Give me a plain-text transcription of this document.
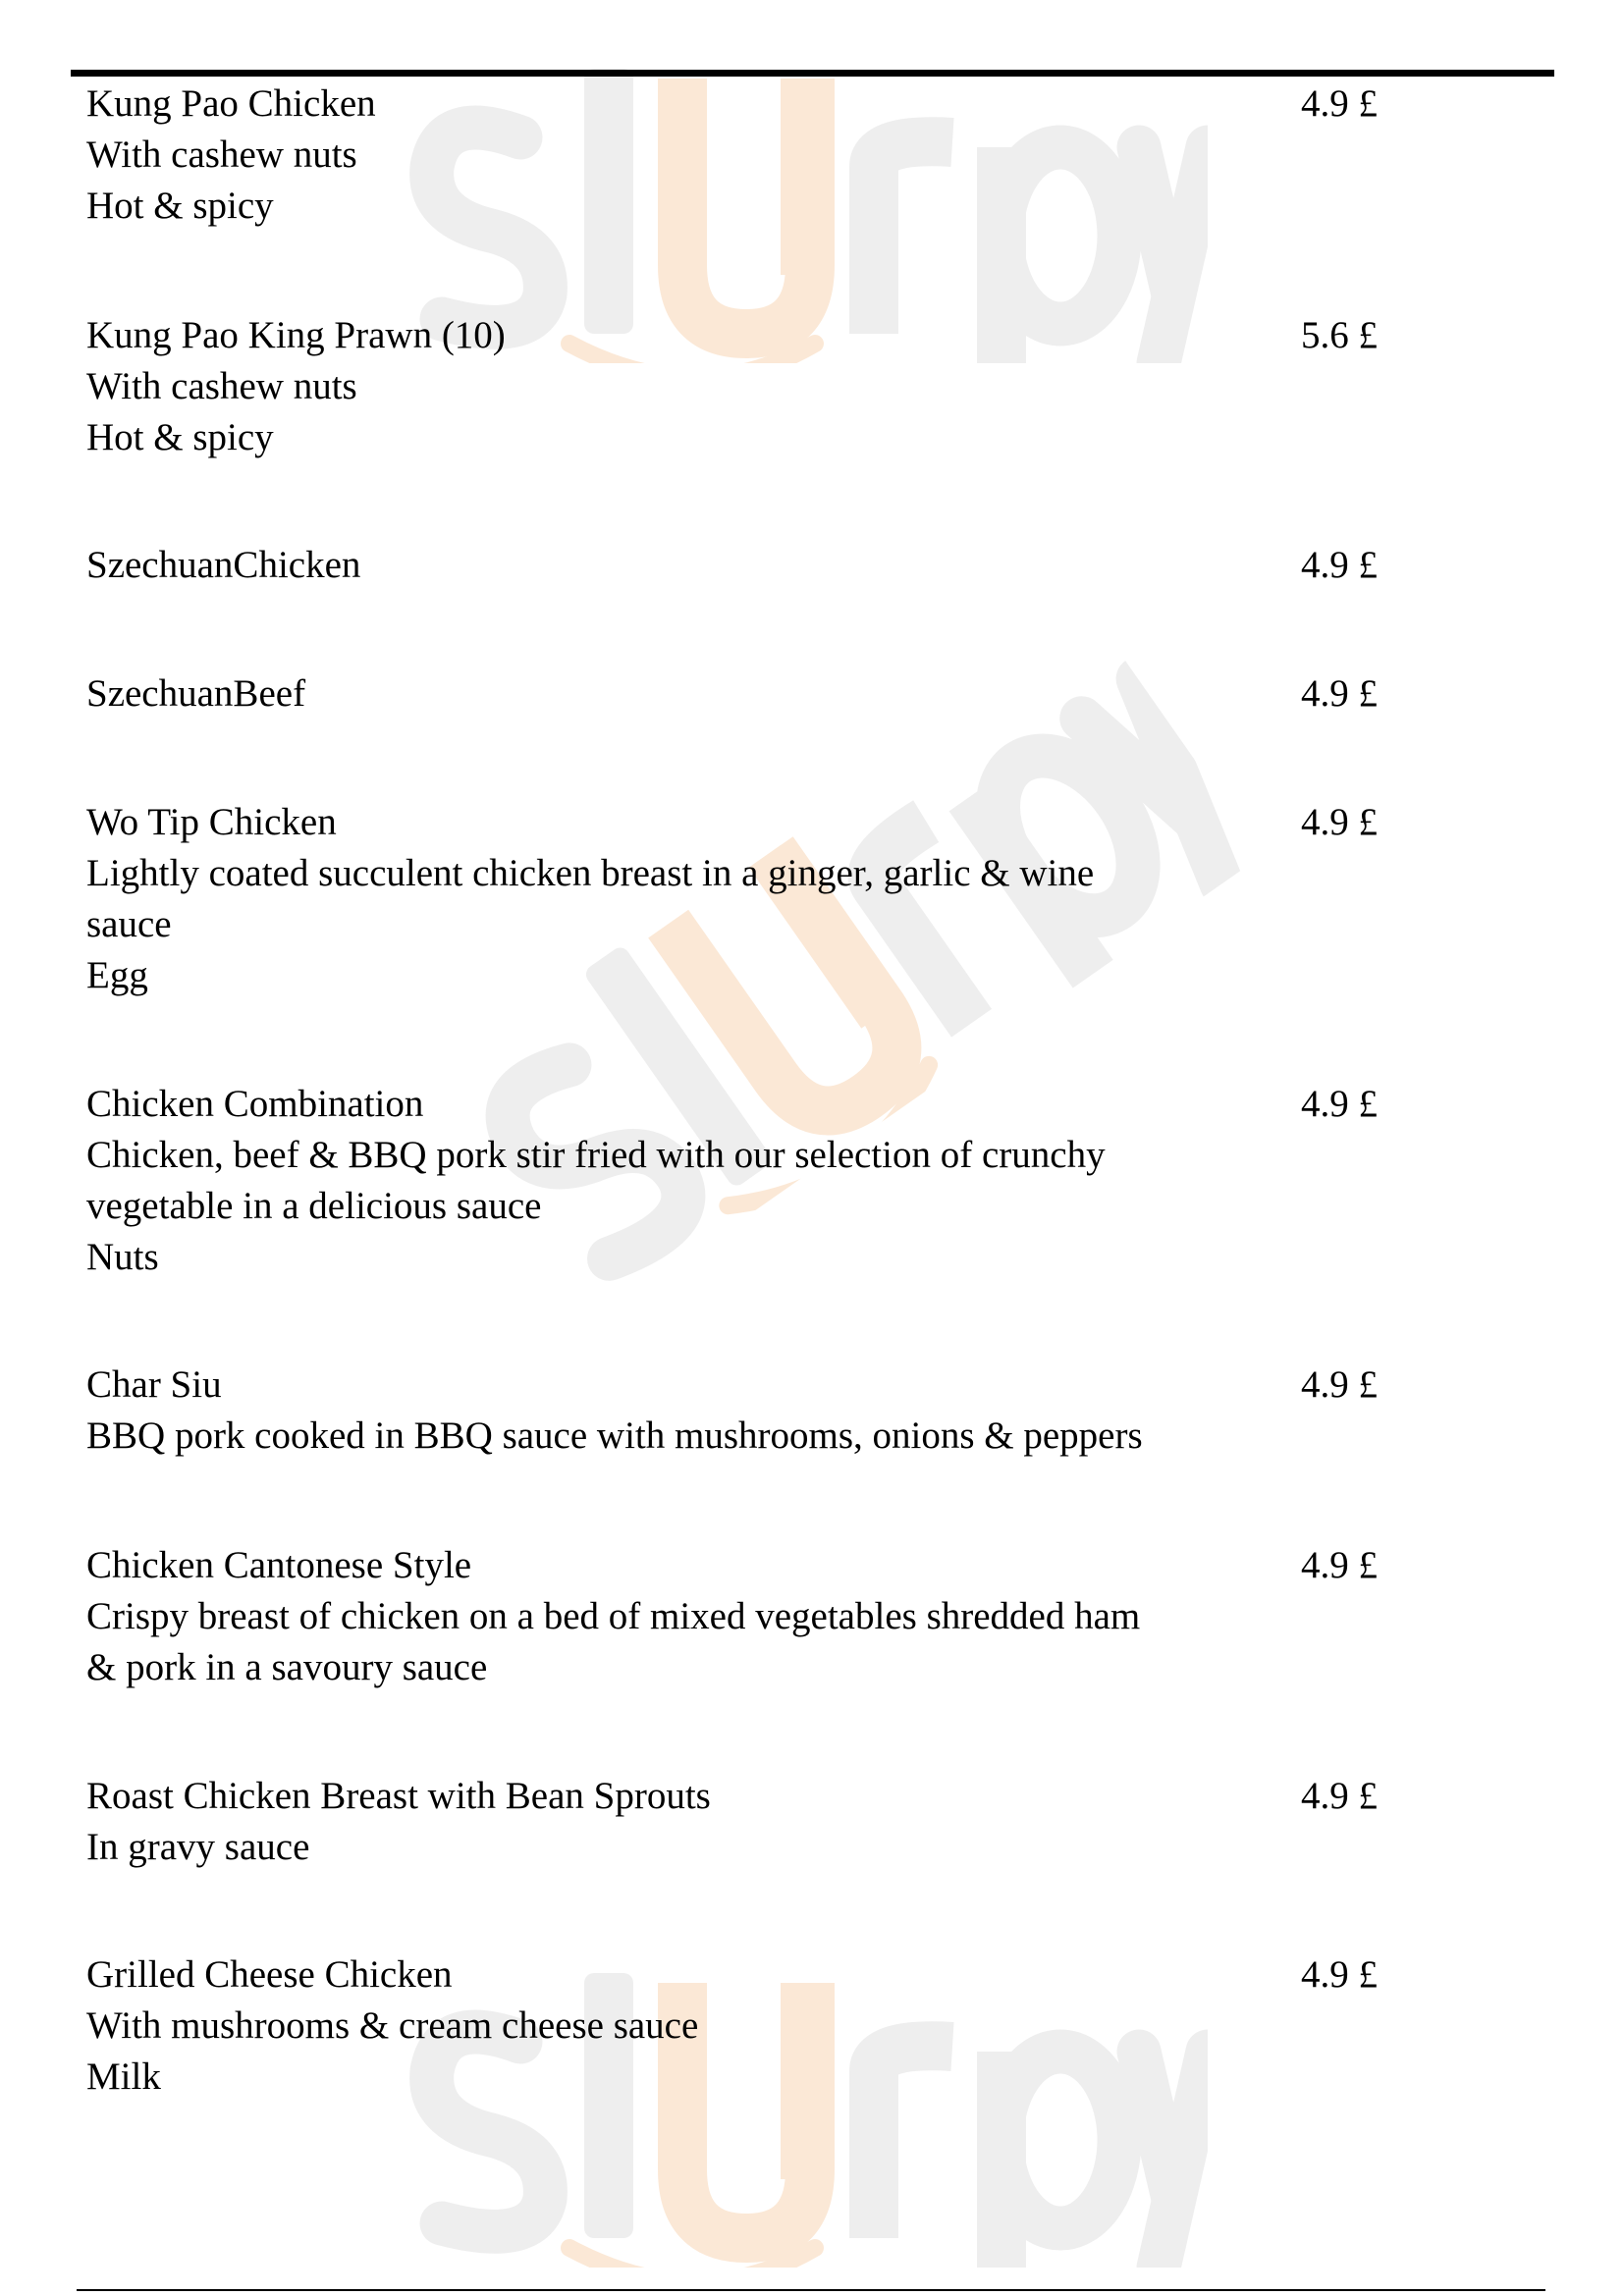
Kung Pao Chicken
With cashew nuts
Hot & spicy
4.9 £
Kung Pao King Prawn (10)
With cashew nuts
Hot & spicy
5.6 £
SzechuanChicken	4.9 £
SzechuanBeef	4.9 £
Wo Tip Chicken
Lightly coated succulent chicken breast in a ginger, garlic & wine
sauce
Egg
4.9 £
Chicken Combination
Chicken, beef & BBQ pork stir fried with our selection of crunchy
vegetable in a delicious sauce
Nuts
4.9 £
Char Siu
BBQ pork cooked in BBQ sauce with mushrooms, onions & peppers
4.9 £
Chicken Cantonese Style
Crispy breast of chicken on a bed of mixed vegetables shredded ham
& pork in a savoury sauce
4.9 £
Roast Chicken Breast with Bean Sprouts
In gravy sauce
4.9 £
Grilled Cheese Chicken
With mushrooms & cream cheese sauce
Milk
4.9 £
